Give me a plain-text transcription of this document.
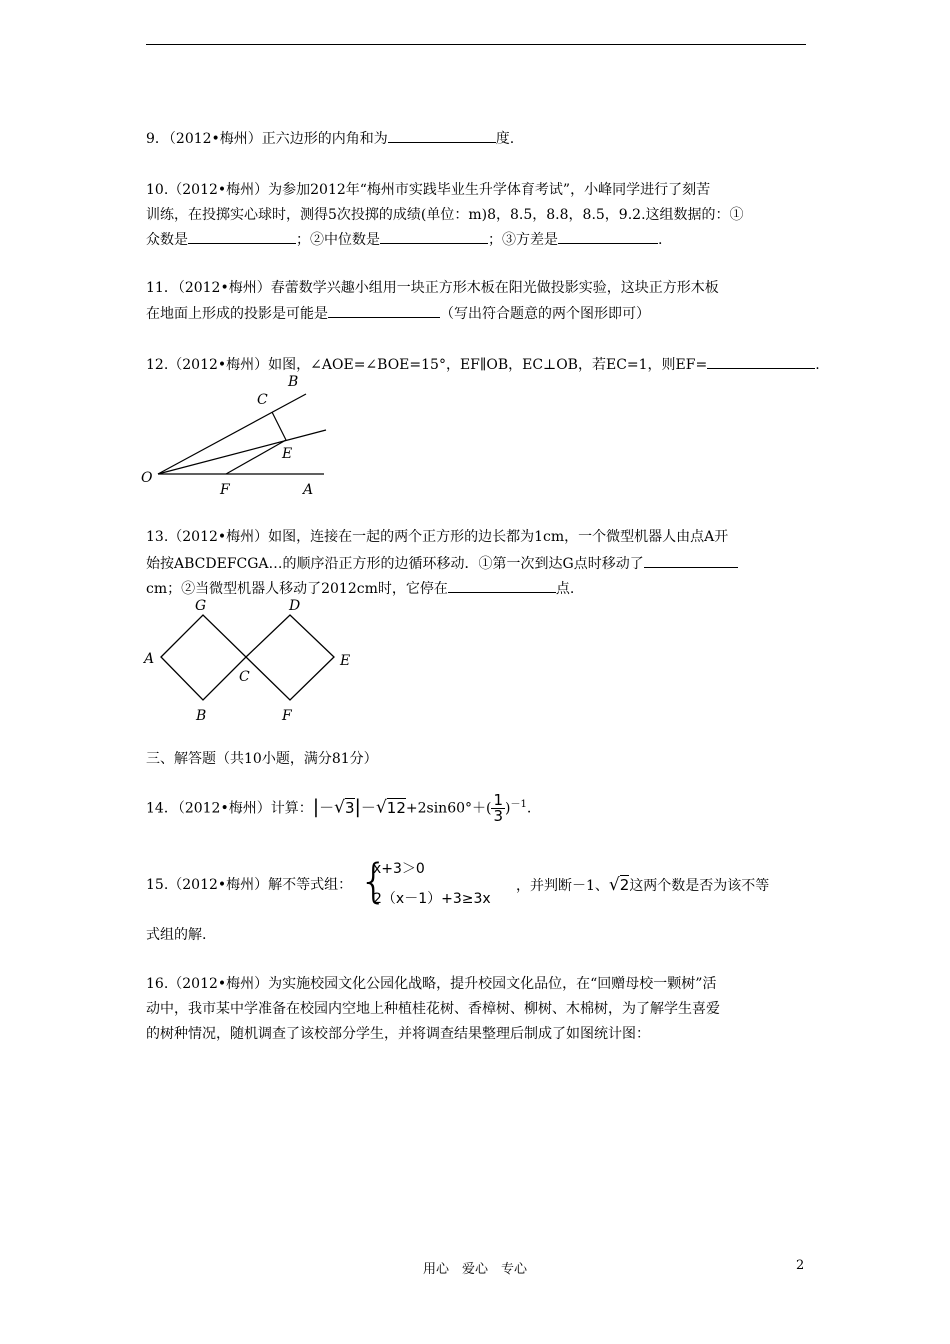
9．（2012•梅州）正六边形的内角和为	度.
10.（2012•梅州）为参加2012年“梅州市实践毕业生升学体育考试”，小峰同学进行了刻苦
训练，在投掷实心球时，测得5次投掷的成绩(单位：m)8，8.5，8.8，8.5，9.2.这组数据的：①
众数是	；②中位数是	；③方差是	.
11．（2012•梅州）春蕾数学兴趣小组用一块正方形木板在阳光做投影实验，这块正方形木板
在地面上形成的投影是可能是	（写出符合题意的两个图形即可）
12.（2012•梅州）如图，∠AOE=∠BOE=15°，EF∥OB，EC⊥OB，若EC=1，则EF=	.
B
C
E
O
F	A
13.（2012•梅州）如图，连接在一起的两个正方形的边长都为1cm，一个微型机器人由点A开
始按ABCDEFCGA…的顺序沿正方形的边循环移动．①第一次到达G点时移动了
cm；②当微型机器人移动了2012cm时，它停在	点.
G	D
A
C
E
B	F
三、解答题（共10小题，满分81分）
14．（2012•梅州）计算：$|-√3|-√12+2\sin 60^\circ+( \frac{1}{3} )^{-1}$.
15.（2012•梅州）解不等式组： {
x+3＞0
2（x－1）+3≥3x
，并判断－1、√2这两个数是否为该不等
式组的解.
16.（2012•梅州）为实施校园文化公园化战略，提升校园文化品位，在“回赠母校一颗树”活
动中，我市某中学准备在校园内空地上种植桂花树、香樟树、柳树、木棉树，为了解学生喜爱
的树种情况，随机调查了该校部分学生，并将调查结果整理后制成了如图统计图：
用心　爱心　专心	2
